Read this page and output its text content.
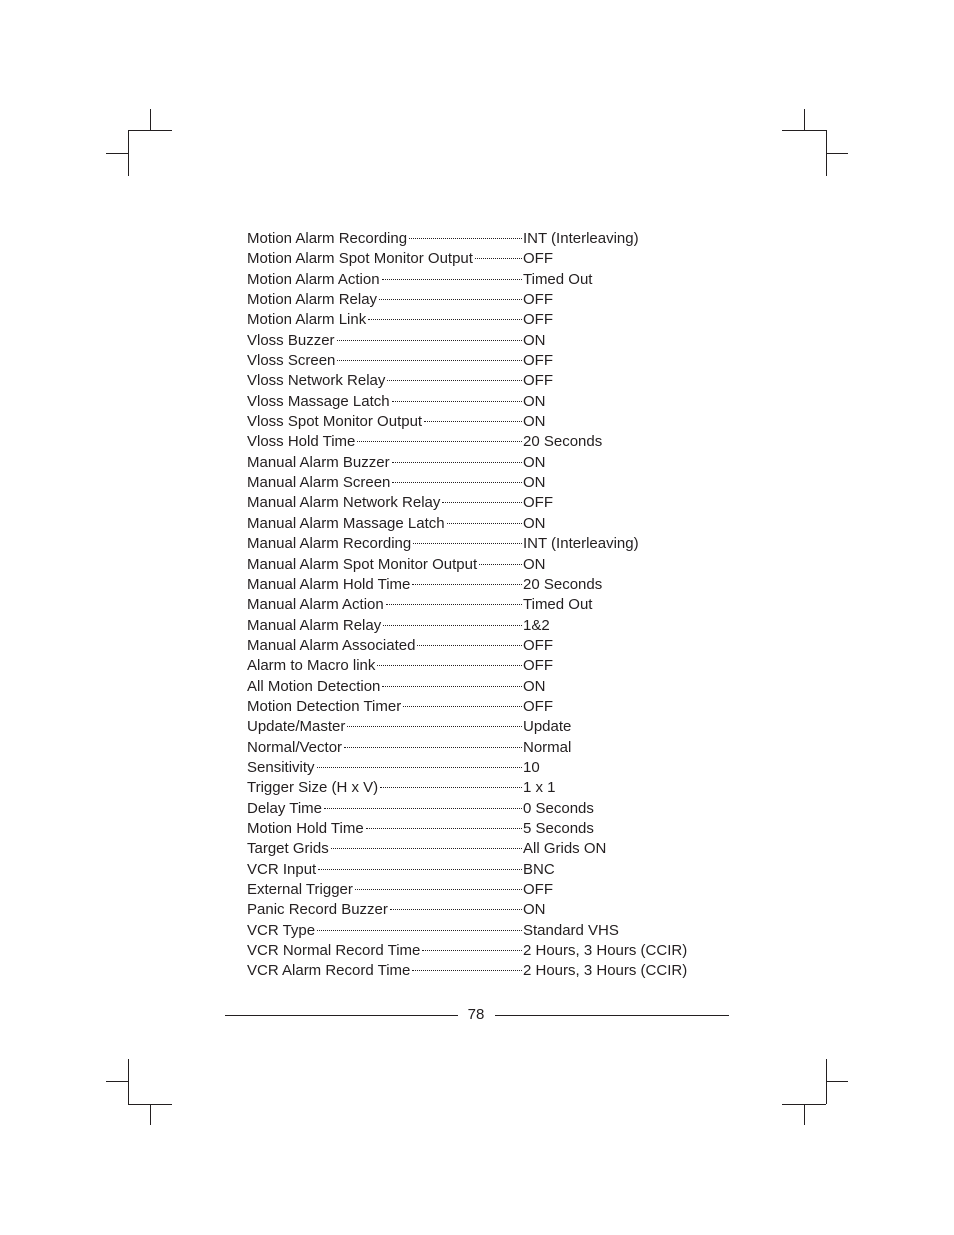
Motion Alarm Recording	INT (Interleaving)
Motion Alarm Spot Monitor Output	OFF
Motion Alarm Action	Timed Out
Motion Alarm Relay	OFF
Motion Alarm Link	OFF
Vloss Buzzer	ON
Vloss Screen	OFF
Vloss Network Relay	OFF
Vloss Massage Latch	ON
Vloss Spot Monitor Output	ON
Vloss Hold Time	20 Seconds
Manual Alarm Buzzer	ON
Manual Alarm Screen	ON
Manual Alarm Network Relay	OFF
Manual Alarm Massage Latch	ON
Manual Alarm Recording	INT (Interleaving)
Manual Alarm Spot Monitor Output	ON
Manual Alarm Hold Time	20 Seconds
Manual Alarm Action	Timed Out
Manual Alarm Relay	1&2
Manual Alarm Associated	OFF
Alarm to Macro link	OFF
All Motion Detection	ON
Motion Detection Timer	OFF
Update/Master	Update
Normal/Vector	Normal
Sensitivity	10
Trigger Size (H x V)	1 x 1
Delay Time	0 Seconds
Motion Hold Time	5 Seconds
Target Grids	All Grids ON
VCR Input	BNC
External Trigger	OFF
Panic Record Buzzer	ON
VCR Type	Standard VHS
VCR Normal Record Time	2 Hours, 3 Hours (CCIR)
VCR Alarm Record Time	2 Hours, 3 Hours (CCIR)
78
